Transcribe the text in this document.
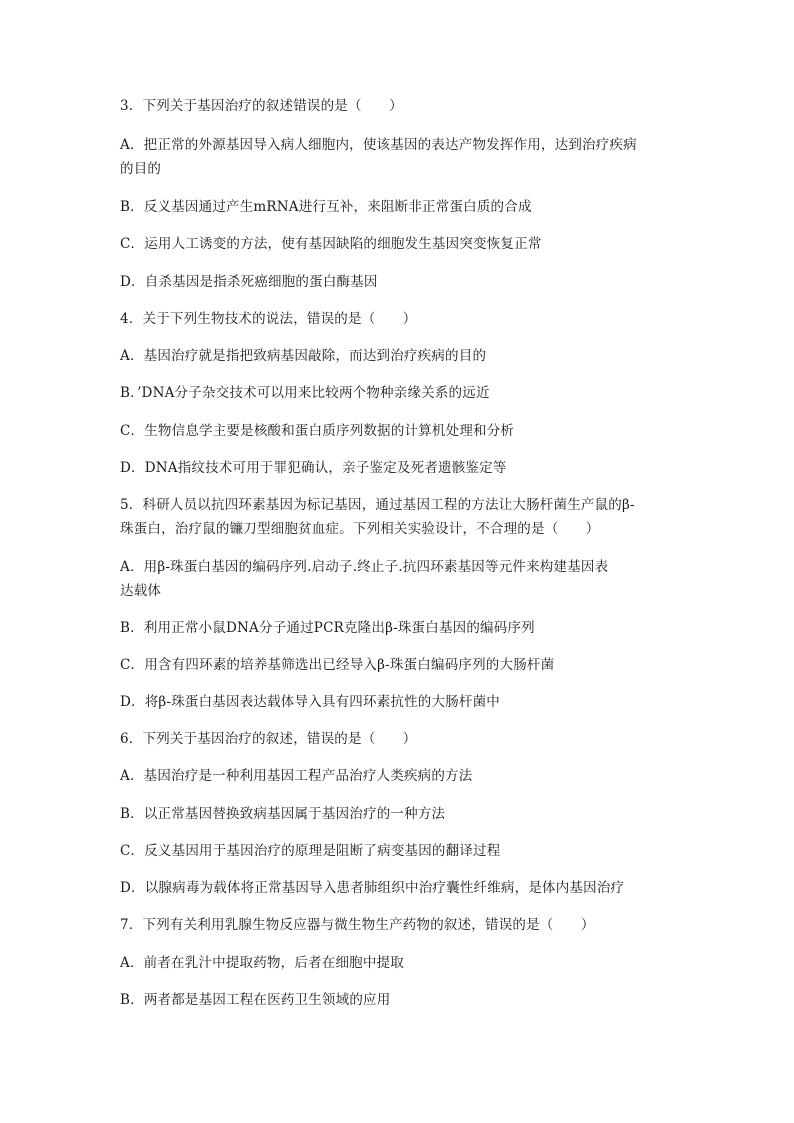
3．下列关于基因治疗的叙述错误的是（　　）
A．把正常的外源基因导入病人细胞内，使该基因的表达产物发挥作用，达到治疗疾病
的目的
B．反义基因通过产生mRNA进行互补，来阻断非正常蛋白质的合成
C．运用人工诱变的方法，使有基因缺陷的细胞发生基因突变恢复正常
D．自杀基因是指杀死癌细胞的蛋白酶基因
4．关于下列生物技术的说法，错误的是（　　）
A．基因治疗就是指把致病基因敲除，而达到治疗疾病的目的
B．’DNA分子杂交技术可以用来比较两个物种亲缘关系的远近
C．生物信息学主要是核酸和蛋白质序列数据的计算机处理和分析
D．DNA指纹技术可用于罪犯确认，亲子鉴定及死者遗骸鉴定等
5．科研人员以抗四环素基因为标记基因，通过基因工程的方法让大肠杆菌生产鼠的β-
珠蛋白，治疗鼠的镰刀型细胞贫血症。下列相关实验设计，不合理的是（　　）
A．用β-珠蛋白基因的编码序列.启动子.终止子.抗四环素基因等元件来构建基因表
达载体
B．利用正常小鼠DNA分子通过PCR克隆出β-珠蛋白基因的编码序列
C．用含有四环素的培养基筛选出已经导入β-珠蛋白编码序列的大肠杆菌
D．将β-珠蛋白基因表达载体导入具有四环素抗性的大肠杆菌中
6．下列关于基因治疗的叙述，错误的是（　　）
A．基因治疗是一种利用基因工程产品治疗人类疾病的方法
B．以正常基因替换致病基因属于基因治疗的一种方法
C．反义基因用于基因治疗的原理是阻断了病变基因的翻译过程
D．以腺病毒为载体将正常基因导入患者肺组织中治疗囊性纤维病，是体内基因治疗
7．下列有关利用乳腺生物反应器与微生物生产药物的叙述，错误的是（　　）
A．前者在乳汁中提取药物，后者在细胞中提取
B．两者都是基因工程在医药卫生领域的应用
